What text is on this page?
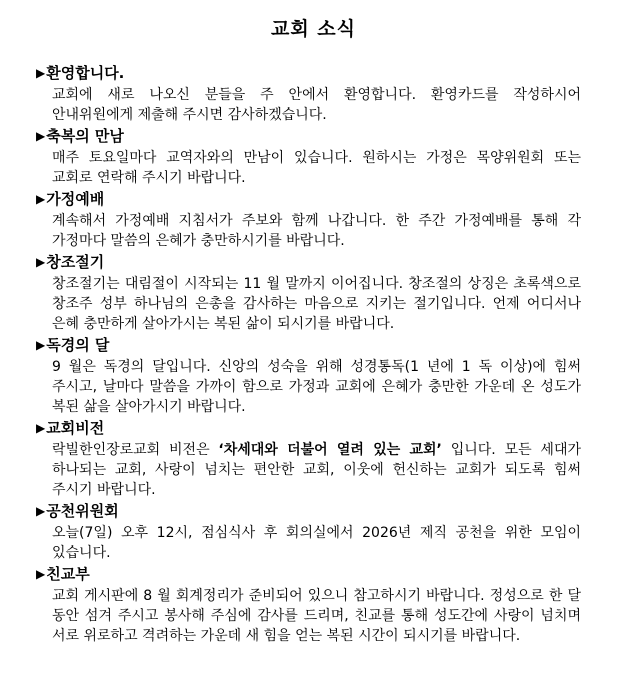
교회 소식
▶환영합니다.
교회에 새로 나오신 분들을 주 안에서 환영합니다. 환영카드를 작성하시어 안내위원에게 제출해 주시면 감사하겠습니다.
▶축복의 만남
매주 토요일마다 교역자와의 만남이 있습니다. 원하시는 가정은 목양위원회 또는 교회로 연락해 주시기 바랍니다.
▶가정예배
계속해서 가정예배 지침서가 주보와 함께 나갑니다. 한 주간 가정예배를 통해 각 가정마다 말씀의 은혜가 충만하시기를 바랍니다.
▶창조절기
창조절기는 대림절이 시작되는 11 월 말까지 이어집니다. 창조절의 상징은 초록색으로 창조주 성부 하나님의 은총을 감사하는 마음으로 지키는 절기입니다. 언제 어디서나 은혜 충만하게 살아가시는 복된 삶이 되시기를 바랍니다.
▶독경의 달
9 월은 독경의 달입니다. 신앙의 성숙을 위해 성경통독(1 년에 1 독 이상)에 힘써 주시고, 날마다 말씀을 가까이 함으로 가정과 교회에 은혜가 충만한 가운데 온 성도가 복된 삶을 살아가시기 바랍니다.
▶교회비전
락빌한인장로교회 비전은 ‘차세대와 더불어 열려 있는 교회’ 입니다. 모든 세대가 하나되는 교회, 사랑이 넘치는 편안한 교회, 이웃에 헌신하는 교회가 되도록 힘써 주시기 바랍니다.
▶공천위원회
오늘(7일) 오후 12시, 점심식사 후 회의실에서 2026년 제직 공천을 위한 모임이 있습니다.
▶친교부
교회 게시판에 8 월 회계정리가 준비되어 있으니 참고하시기 바랍니다. 정성으로 한 달 동안 섬겨 주시고 봉사해 주심에 감사를 드리며, 친교를 통해 성도간에 사랑이 넘치며 서로 위로하고 격려하는 가운데 새 힘을 얻는 복된 시간이 되시기를 바랍니다.
